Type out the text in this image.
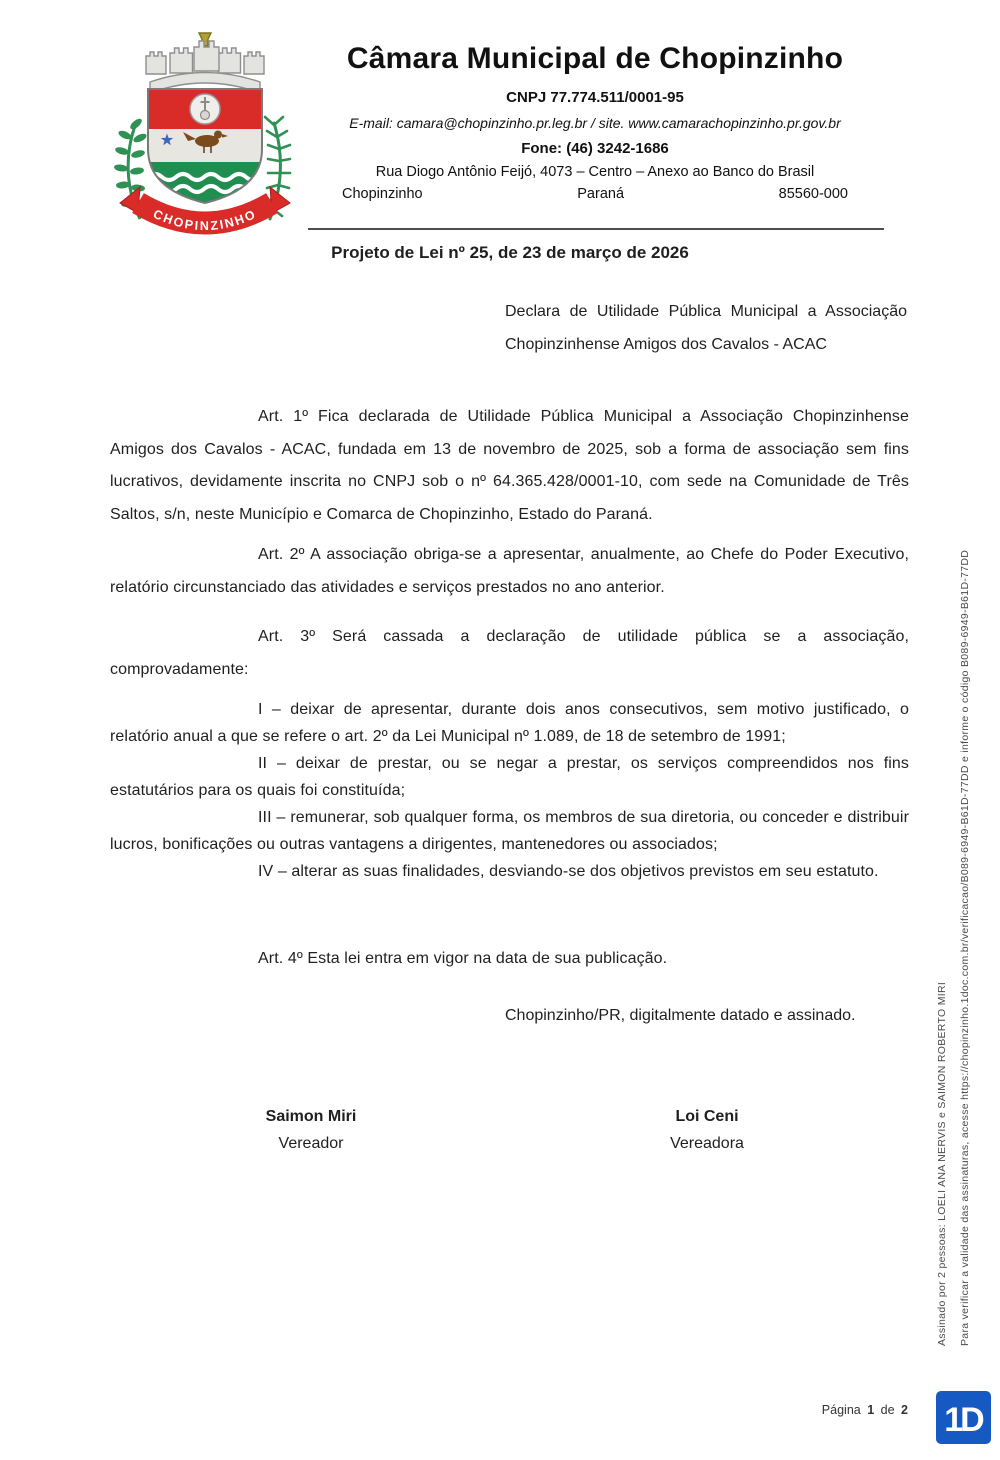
CHOPINZINHO
Câmara Municipal de Chopinzinho
CNPJ 77.774.511/0001-95
E-mail: camara@chopinzinho.pr.leg.br / site. www.camarachopinzinho.pr.gov.br
Fone: (46) 3242-1686
Rua Diogo Antônio Feijó, 4073 – Centro – Anexo ao Banco do Brasil
Chopinzinho	Paraná	85560-000
Projeto de Lei nº 25, de 23 de março de 2026
Declara de Utilidade Pública Municipal a Associação Chopinzinhense Amigos dos Cavalos - ACAC

Art. 1º Fica declarada de Utilidade Pública Municipal a Associação Chopinzinhense Amigos dos Cavalos - ACAC, fundada em 13 de novembro de 2025, sob a forma de associação sem fins lucrativos, devidamente inscrita no CNPJ sob o nº 64.365.428/0001-10, com sede na Comunidade de Três Saltos, s/n, neste Município e Comarca de Chopinzinho, Estado do Paraná.

Art. 2º A associação obriga-se a apresentar, anualmente, ao Chefe do Poder Executivo, relatório circunstanciado das atividades e serviços prestados no ano anterior.

Art. 3º Será cassada a declaração de utilidade pública se a associação, comprovadamente:

I – deixar de apresentar, durante dois anos consecutivos, sem motivo justificado, o relatório anual a que se refere o art. 2º da Lei Municipal nº 1.089, de 18 de setembro de 1991;

II – deixar de prestar, ou se negar a prestar, os serviços compreendidos nos fins estatutários para os quais foi constituída;

III – remunerar, sob qualquer forma, os membros de sua diretoria, ou conceder e distribuir lucros, bonificações ou outras vantagens a dirigentes, mantenedores ou associados;

IV – alterar as suas finalidades, desviando-se dos objetivos previstos em seu estatuto.

Art. 4º Esta lei entra em vigor na data de sua publicação.

Chopinzinho/PR, digitalmente datado e assinado.
Saimon Miri
Vereador
Loi Ceni
Vereadora	Assinado por 2 pessoas: LOELI ANA NERVIS e SAIMON ROBERTO MIRI	Para verificar a validade das assinaturas, acesse https://chopinzinho.1doc.com.br/verificacao/B089-6949-B61D-77DD e informe o código B089-6949-B61D-77DD
Página 1 de 2 1D
